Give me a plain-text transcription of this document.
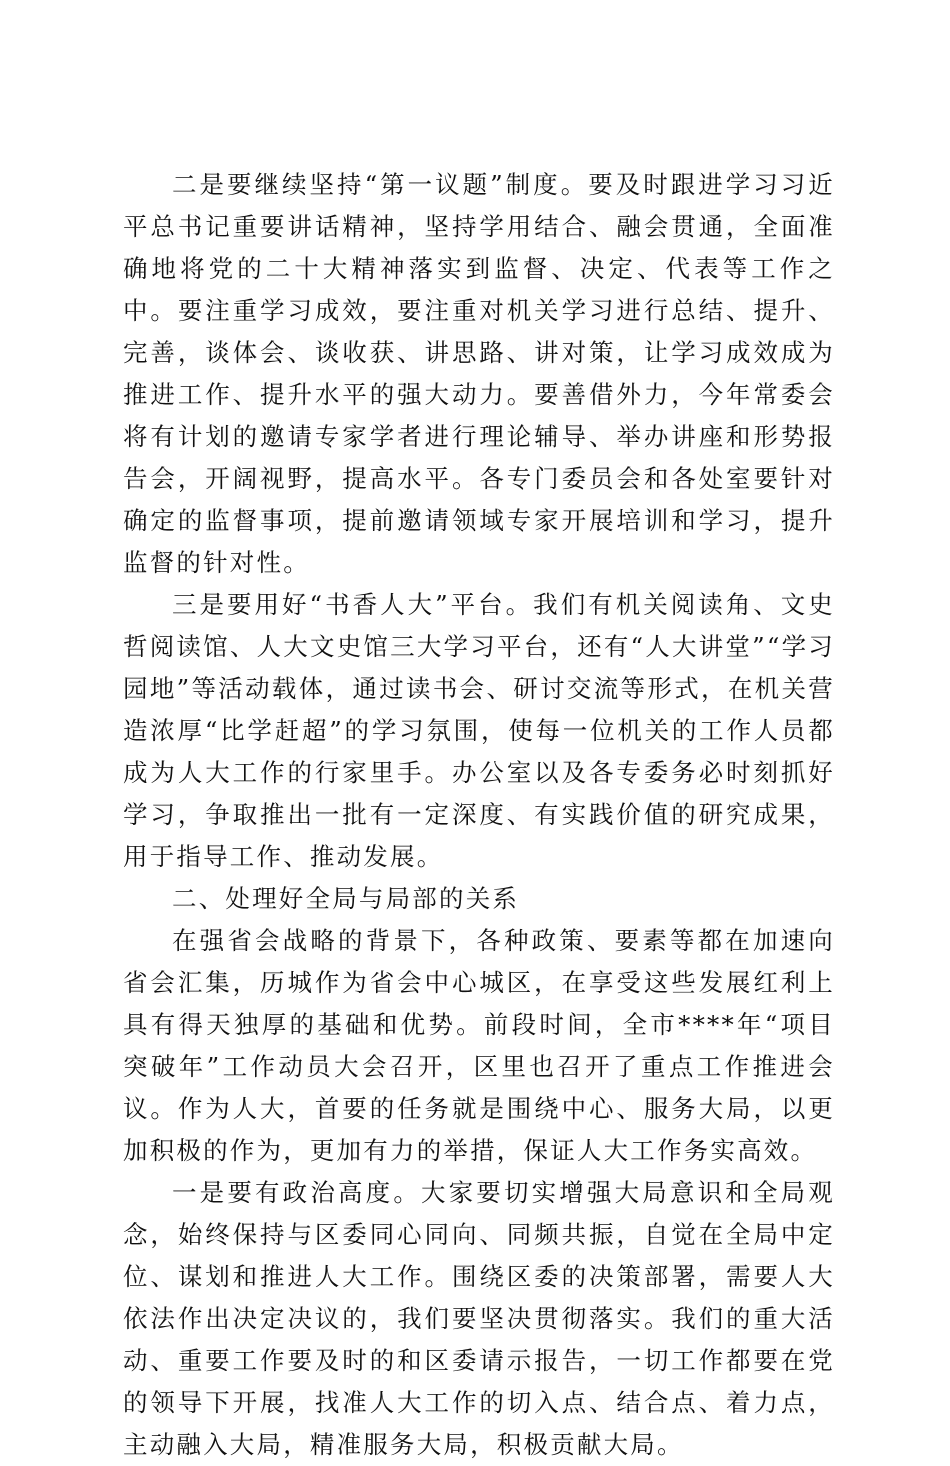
二是要继续坚持“第一议题”制度。要及时跟进学习习近平总书记重要讲话精神，坚持学用结合、融会贯通，全面准确地将党的二十大精神落实到监督、决定、代表等工作之中。要注重学习成效，要注重对机关学习进行总结、提升、完善，谈体会、谈收获、讲思路、讲对策，让学习成效成为推进工作、提升水平的强大动力。要善借外力，今年常委会将有计划的邀请专家学者进行理论辅导、举办讲座和形势报告会，开阔视野，提高水平。各专门委员会和各处室要针对确定的监督事项，提前邀请领域专家开展培训和学习，提升监督的针对性。

三是要用好“书香人大”平台。我们有机关阅读角、文史哲阅读馆、人大文史馆三大学习平台，还有“人大讲堂”“学习园地”等活动载体，通过读书会、研讨交流等形式，在机关营造浓厚“比学赶超”的学习氛围，使每一位机关的工作人员都成为人大工作的行家里手。办公室以及各专委务必时刻抓好学习，争取推出一批有一定深度、有实践价值的研究成果，用于指导工作、推动发展。

二、处理好全局与局部的关系

在强省会战略的背景下，各种政策、要素等都在加速向省会汇集，历城作为省会中心城区，在享受这些发展红利上具有得天独厚的基础和优势。前段时间，全市****年“项目突破年”工作动员大会召开，区里也召开了重点工作推进会议。作为人大，首要的任务就是围绕中心、服务大局，以更加积极的作为，更加有力的举措，保证人大工作务实高效。

一是要有政治高度。大家要切实增强大局意识和全局观念，始终保持与区委同心同向、同频共振，自觉在全局中定位、谋划和推进人大工作。围绕区委的决策部署，需要人大依法作出决定决议的，我们要坚决贯彻落实。我们的重大活动、重要工作要及时的和区委请示报告，一切工作都要在党的领导下开展，找准人大工作的切入点、结合点、着力点，主动融入大局，精准服务大局，积极贡献大局。
